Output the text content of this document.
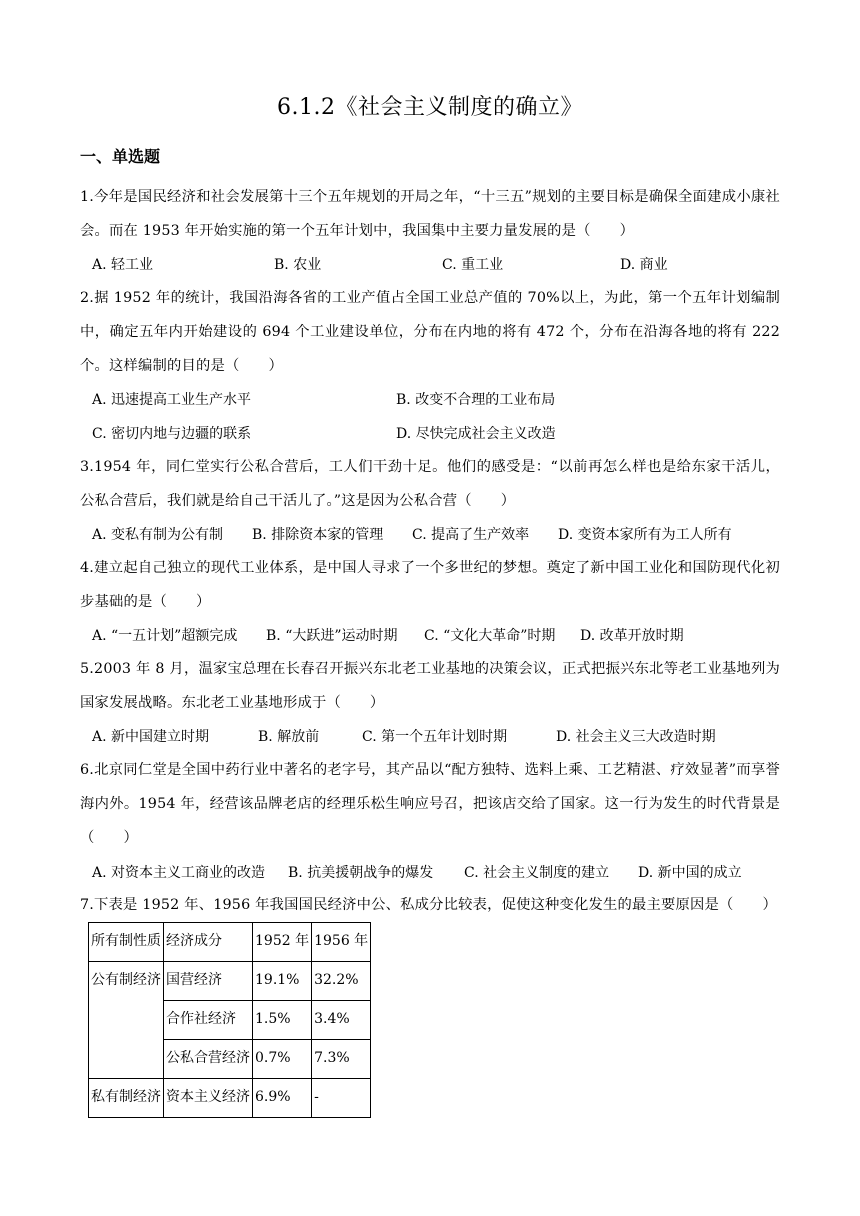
6.1.2《社会主义制度的确立》
一、单选题
1.今年是国民经济和社会发展第十三个五年规划的开局之年，“十三五”规划的主要目标是确保全面建成小康社会。而在 1953 年开始实施的第一个五年计划中，我国集中主要力量发展的是（　　）
A. 轻工业	B. 农业	C. 重工业	D. 商业
2.据 1952 年的统计，我国沿海各省的工业产值占全国工业总产值的 70%以上，为此，第一个五年计划编制中，确定五年内开始建设的 694 个工业建设单位，分布在内地的将有 472 个，分布在沿海各地的将有 222 个。这样编制的目的是（　　）
A. 迅速提高工业生产水平	B. 改变不合理的工业布局
C. 密切内地与边疆的联系	D. 尽快完成社会主义改造
3.1954 年，同仁堂实行公私合营后，工人们干劲十足。他们的感受是：“以前再怎么样也是给东家干活儿，公私合营后，我们就是给自己干活儿了。”这是因为公私合营（　　）
A. 变私有制为公有制 B. 排除资本家的管理 C. 提高了生产效率 D. 变资本家所有为工人所有
4.建立起自己独立的现代工业体系，是中国人寻求了一个多世纪的梦想。奠定了新中国工业化和国防现代化初步基础的是（　　）
A. “一五计划”超额完成 B. “大跃进”运动时期 C. “文化大革命”时期 D. 改革开放时期
5.2003 年 8 月，温家宝总理在长春召开振兴东北老工业基地的决策会议，正式把振兴东北等老工业基地列为国家发展战略。东北老工业基地形成于（　　）
A. 新中国建立时期	B. 解放前	C. 第一个五年计划时期	D. 社会主义三大改造时期
6.北京同仁堂是全国中药行业中著名的老字号，其产品以“配方独特、选料上乘、工艺精湛、疗效显著”而享誉海内外。1954 年，经营该品牌老店的经理乐松生响应号召，把该店交给了国家。这一行为发生的时代背景是（　　）
A. 对资本主义工商业的改造 B. 抗美援朝战争的爆发 C. 社会主义制度的建立 D. 新中国的成立
7.下表是 1952 年、1956 年我国国民经济中公、私成分比较表，促使这种变化发生的最主要原因是（　　）
所有制性质	经济成分	1952 年	1956 年
公有制经济	国营经济	19.1%	32.2%
	合作社经济	1.5%	3.4%
	公私合营经济	0.7%	7.3%
私有制经济	资本主义经济	6.9%	-
